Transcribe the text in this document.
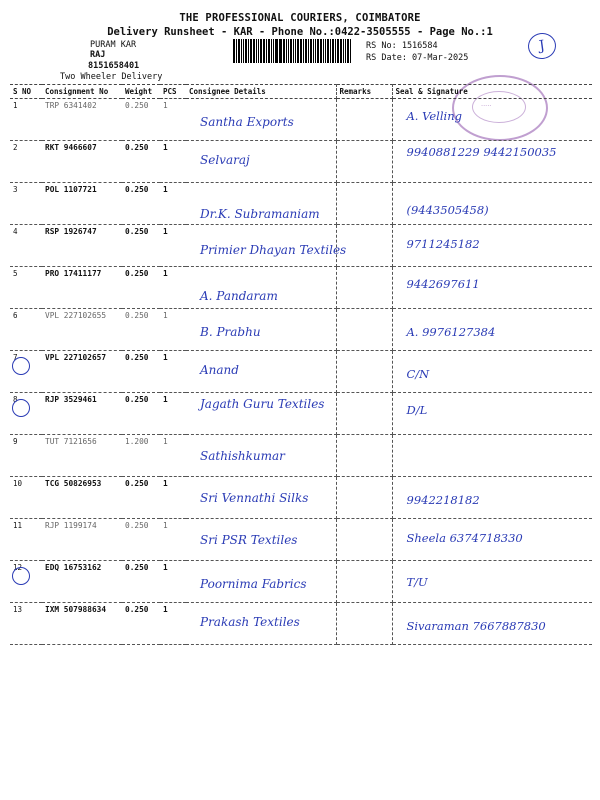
THE PROFESSIONAL COURIERS, COIMBATORE
Delivery Runsheet - KAR - Phone No.:0422-3505555 - Page No.:1
PURAM KAR
RAJ
8151658401
Two Wheeler Delivery
RS No: 1516584
RS Date: 07-Mar-2025
J
·····
S NO	Consignment No	Weight	PCS	Consignee Details	Remarks	Seal & Signature
1	TRP 6341402	0.250	1	Santha Exports		A. Velling

2	RKT 9466607	0.250	1	Selvaraj		9940881229 9442150035

3	POL 1107721	0.250	1	Dr.K. Subramaniam		(9443505458)

4	RSP 1926747	0.250	1	Primier Dhayan Textiles		9711245182

5	PRO 17411177	0.250	1	A. Pandaram		9442697611

6	VPL 227102655	0.250	1	B. Prabhu		A. 9976127384

7	VPL 227102657	0.250	1	Anand		C/N

8	RJP 3529461	0.250	1	Jagath Guru Textiles		D/L

9	TUT 7121656	1.200	1	Sathishkumar		

10	TCG 50826953	0.250	1	Sri Vennathi Silks		9942218182

11	RJP 1199174	0.250	1	Sri PSR Textiles		Sheela 6374718330

12	EDQ 16753162	0.250	1	Poornima Fabrics		T/U

13	IXM 507988634	0.250	1	Prakash Textiles		Sivaraman 7667887830
